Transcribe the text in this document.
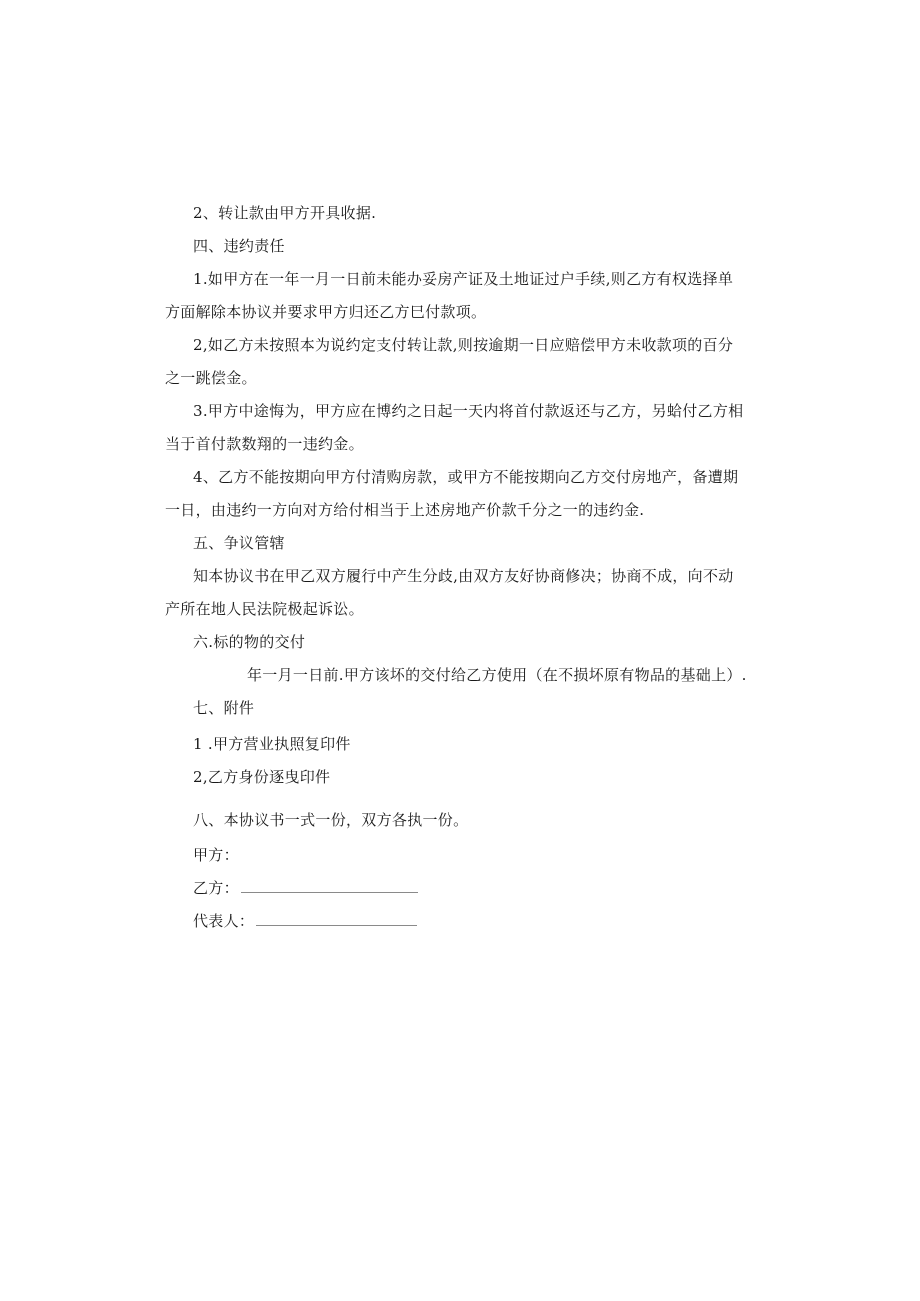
2、转让款由甲方开具收据.
四、违约责任
1.如甲方在一年一月一日前未能办妥房产证及土地证过户手续,则乙方有权选择单
方面解除本协议并要求甲方归还乙方巳付款项。
2,如乙方未按照本为说约定支付转让款,则按逾期一日应赔偿甲方未收款项的百分
之一跳偿金。
3.甲方中途悔为，甲方应在博约之日起一天内将首付款返还与乙方，另蛤付乙方相
当于首付款数翔的一违约金。
4、乙方不能按期向甲方付清购房款，或甲方不能按期向乙方交付房地产，备遭期
一日，由违约一方向对方给付相当于上述房地产价款千分之一的违约金.
五、争议管辖
知本协议书在甲乙双方履行中产生分歧,由双方友好协商修决；协商不成，向不动
产所在地人民法院极起诉讼。
六.标的物的交付
年一月一日前.甲方该坏的交付给乙方使用（在不损坏原有物品的基础上）.
七、附件
1 .甲方营业执照复印件
2,乙方身份逐曳印件
八、本协议书一式一份，双方各执一份。
甲方：
乙方：
代表人：
